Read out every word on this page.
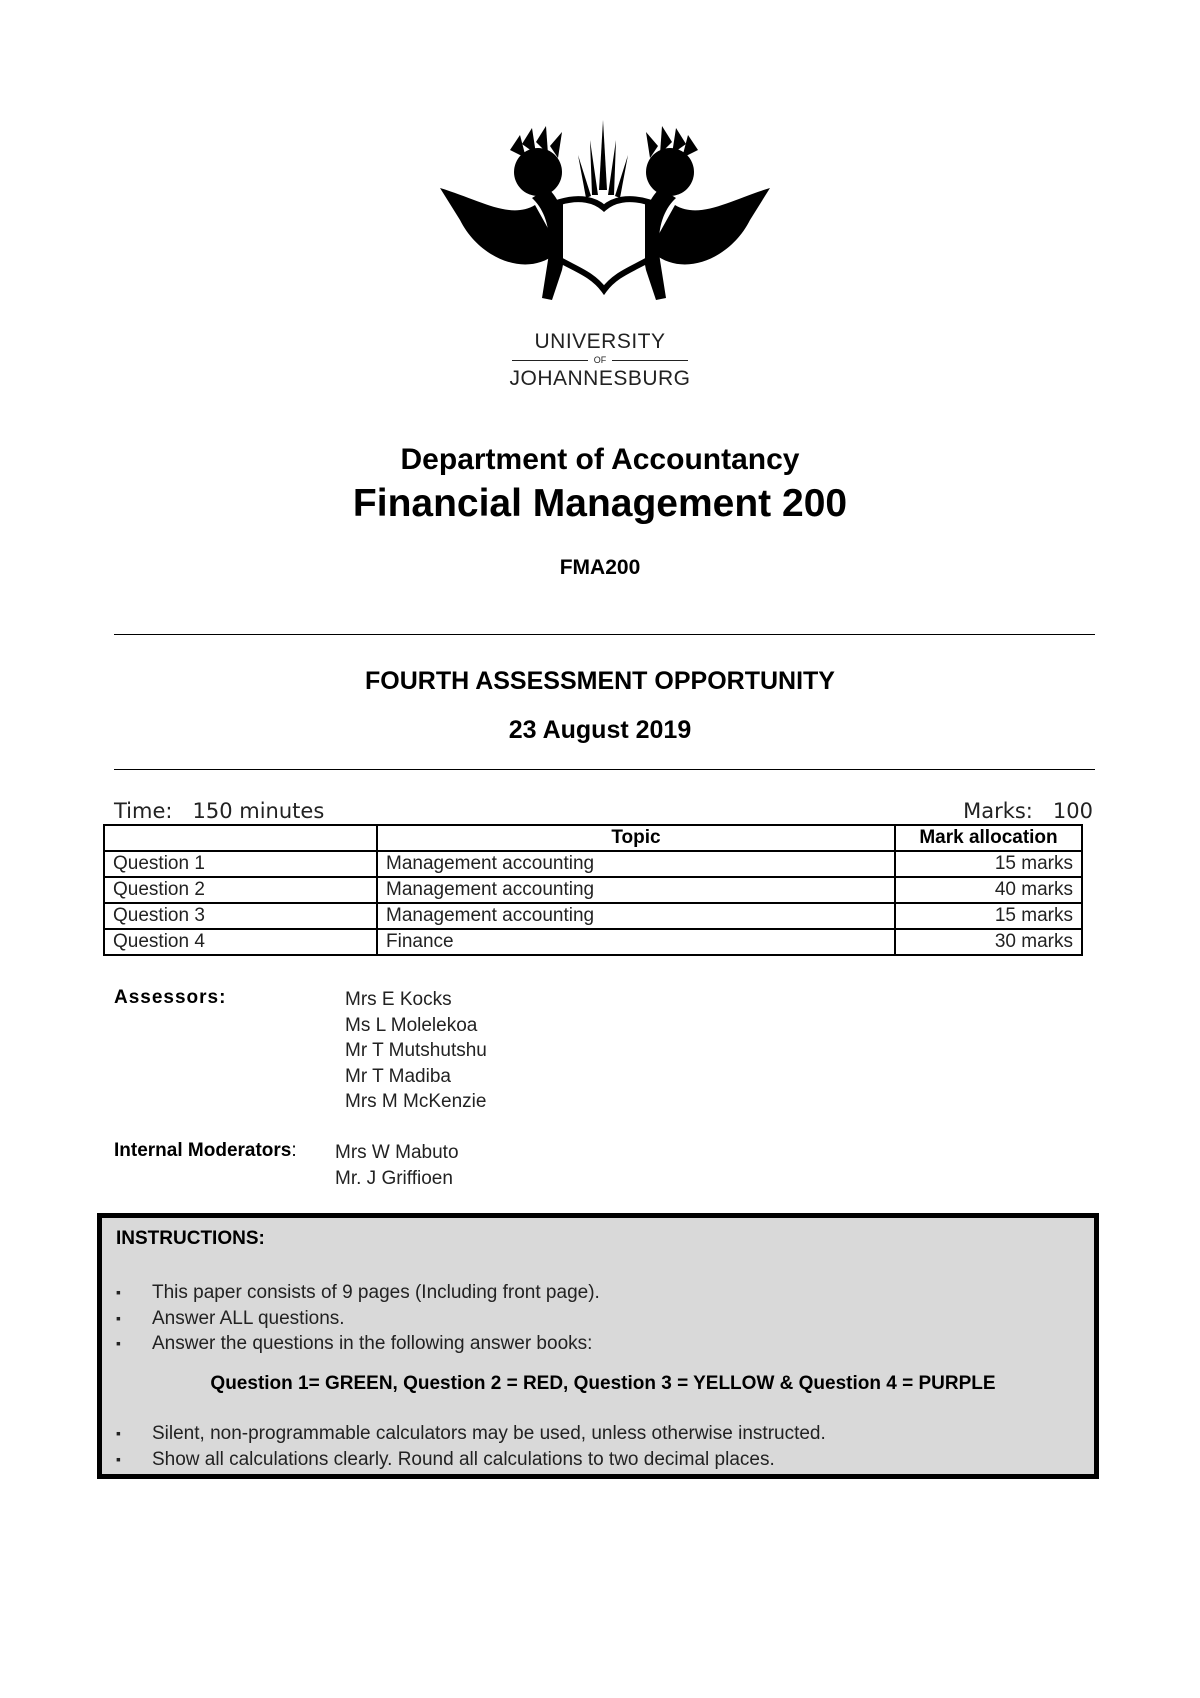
UNIVERSITY
OF
JOHANNESBURG
Department of Accountancy
Financial Management 200
FMA200
FOURTH ASSESSMENT OPPORTUNITY
23 August 2019
Time:   150 minutes	Marks:   100
	Topic	Mark allocation
Question 1	Management accounting	15 marks
Question 2	Management accounting	40 marks
Question 3	Management accounting	15 marks
Question 4	Finance	30 marks
Assessors:	Mrs E Kocks
Ms L Molelekoa
Mr T Mutshutshu
Mr T Madiba
Mrs M McKenzie
Internal Moderators: Mrs W Mabuto
Mr. J Griffioen
INSTRUCTIONS:
▪ This paper consists of 9 pages (Including front page).
▪ Answer ALL questions.
▪ Answer the questions in the following answer books:
Question 1= GREEN, Question 2 = RED, Question 3 = YELLOW & Question 4 = PURPLE
▪ Silent, non-programmable calculators may be used, unless otherwise instructed.
▪ Show all calculations clearly. Round all calculations to two decimal places.
